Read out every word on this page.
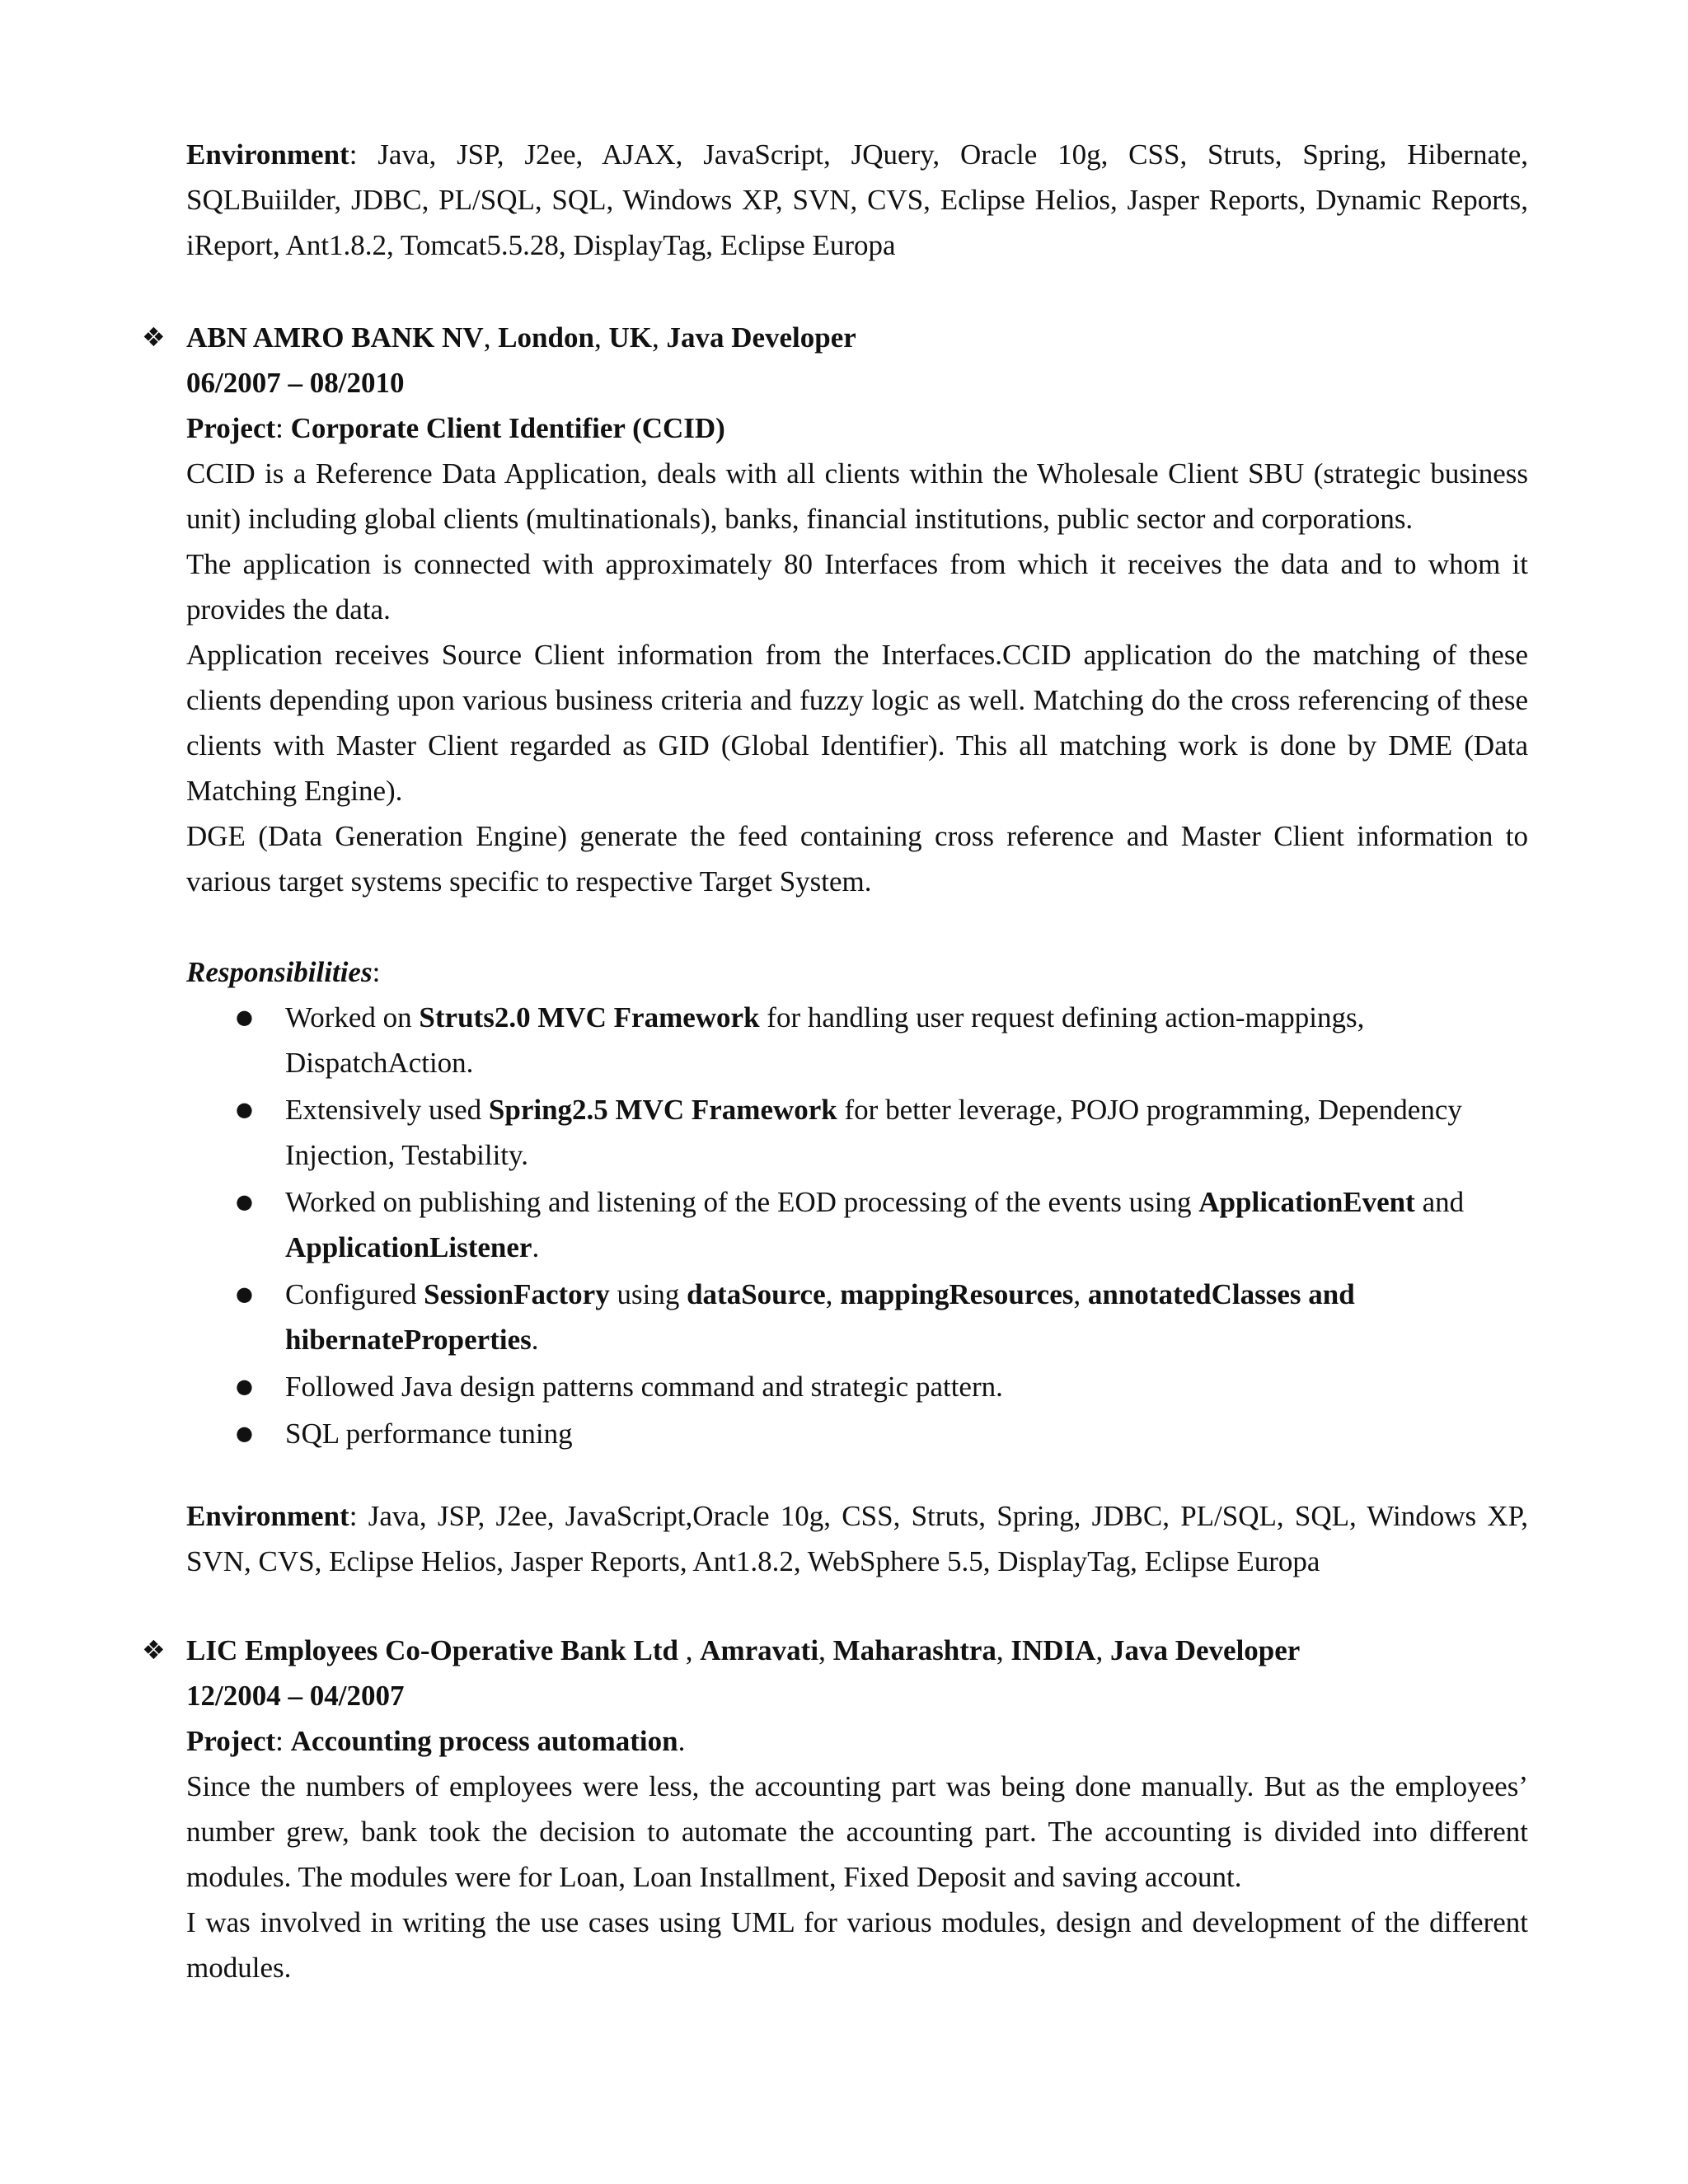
Environment: Java, JSP, J2ee, AJAX, JavaScript, JQuery, Oracle 10g, CSS, Struts, Spring, Hibernate, SQLBuiilder, JDBC, PL/SQL, SQL, Windows XP, SVN, CVS, Eclipse Helios, Jasper Reports, Dynamic Reports, iReport, Ant1.8.2, Tomcat5.5.28, DisplayTag, Eclipse Europa
❖ ABN AMRO BANK NV, London, UK, Java Developer
06/2007 – 08/2010
Project: Corporate Client Identifier (CCID)
CCID is a Reference Data Application, deals with all clients within the Wholesale Client SBU (strategic business unit) including global clients (multinationals), banks, financial institutions, public sector and corporations.
The application is connected with approximately 80 Interfaces from which it receives the data and to whom it provides the data.
Application receives Source Client information from the Interfaces.CCID application do the matching of these clients depending upon various business criteria and fuzzy logic as well. Matching do the cross referencing of these clients with Master Client regarded as GID (Global Identifier). This all matching work is done by DME (Data Matching Engine).
DGE (Data Generation Engine) generate the feed containing cross reference and Master Client information to various target systems specific to respective Target System.
Responsibilities:
● Worked on Struts2.0 MVC Framework for handling user request defining action-mappings, DispatchAction.
● Extensively used Spring2.5 MVC Framework for better leverage, POJO programming, Dependency Injection, Testability.
● Worked on publishing and listening of the EOD processing of the events using ApplicationEvent and ApplicationListener.
● Configured SessionFactory using dataSource, mappingResources, annotatedClasses and hibernateProperties.
● Followed Java design patterns command and strategic pattern.
● SQL performance tuning
Environment: Java, JSP, J2ee, JavaScript,Oracle 10g, CSS, Struts, Spring, JDBC, PL/SQL, SQL, Windows XP, SVN, CVS, Eclipse Helios, Jasper Reports, Ant1.8.2, WebSphere 5.5, DisplayTag, Eclipse Europa
❖ LIC Employees Co-Operative Bank Ltd , Amravati, Maharashtra, INDIA, Java Developer
12/2004 – 04/2007
Project: Accounting process automation.
Since the numbers of employees were less, the accounting part was being done manually. But as the employees’ number grew, bank took the decision to automate the accounting part. The accounting is divided into different modules. The modules were for Loan, Loan Installment, Fixed Deposit and saving account.
I was involved in writing the use cases using UML for various modules, design and development of the different modules.
